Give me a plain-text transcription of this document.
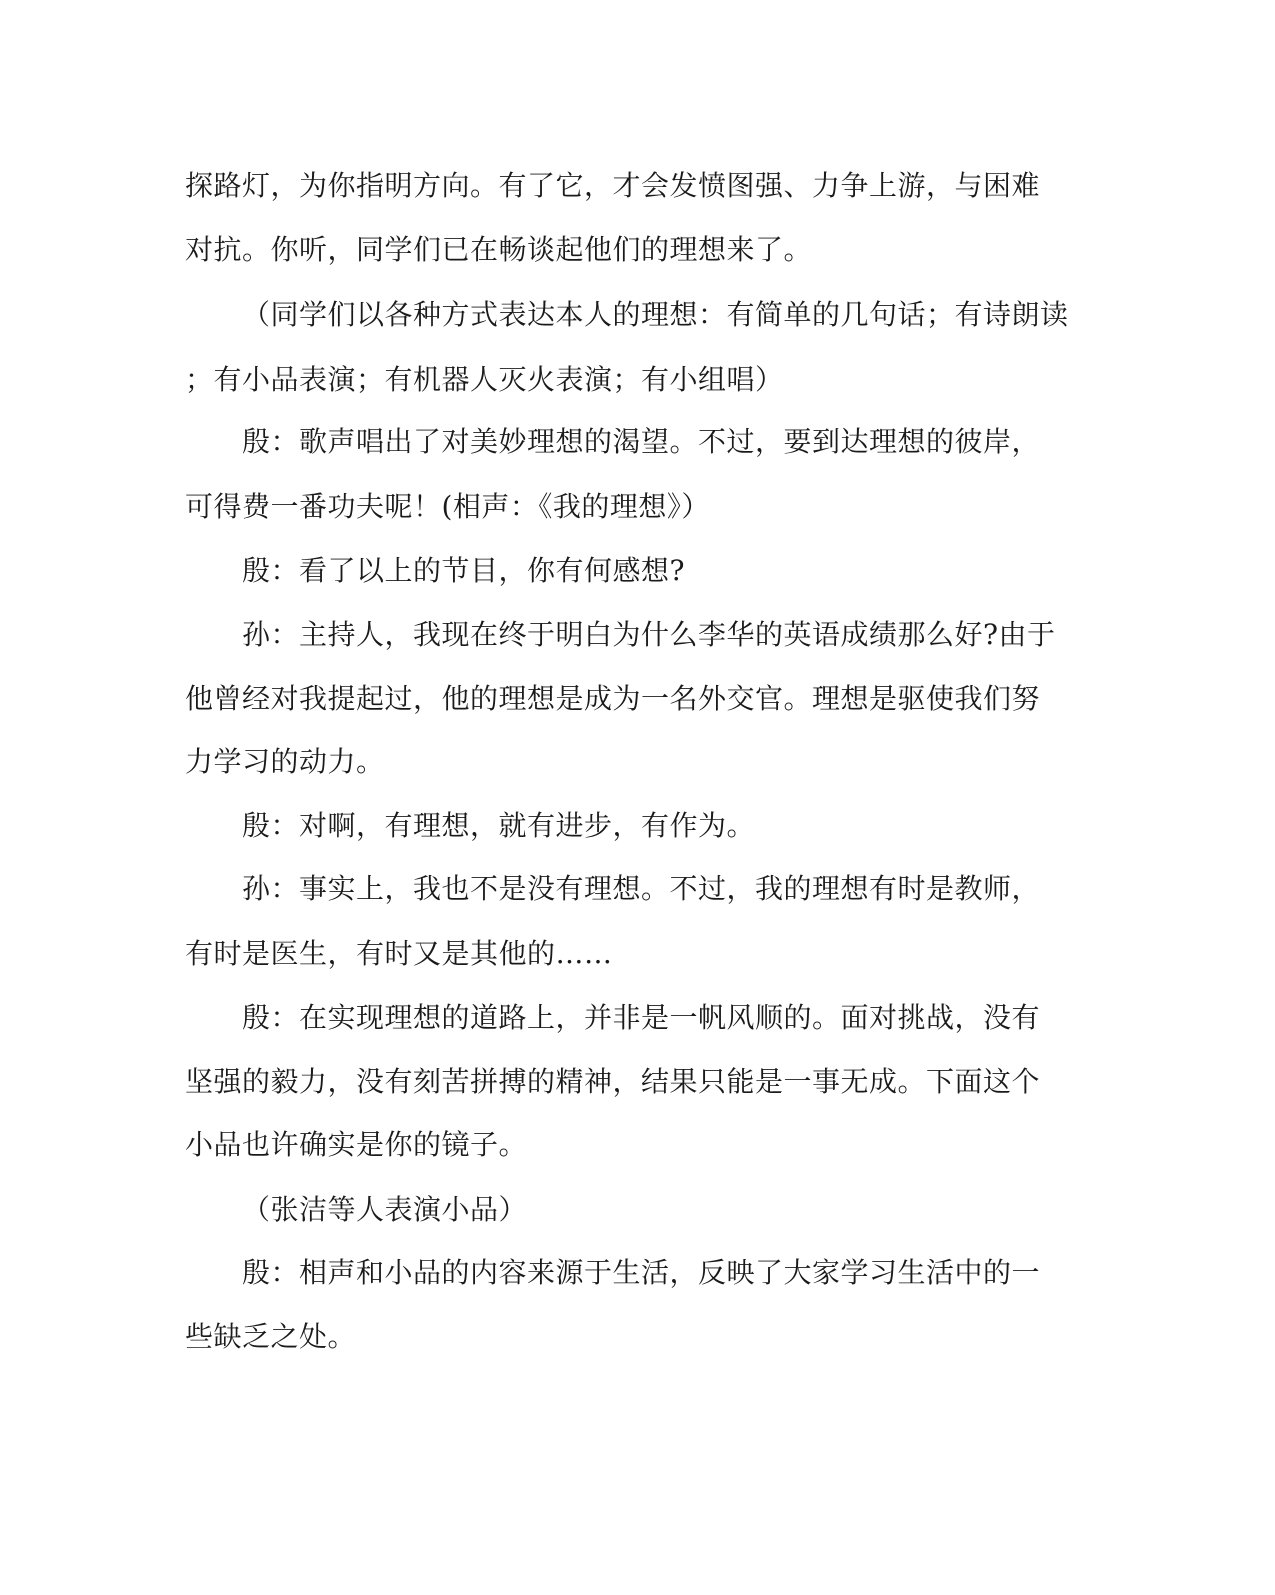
探路灯，为你指明方向。有了它，才会发愤图强、力争上游，与困难
对抗。你听，同学们已在畅谈起他们的理想来了。
（同学们以各种方式表达本人的理想：有简单的几句话；有诗朗读
；有小品表演；有机器人灭火表演；有小组唱）
殷：歌声唱出了对美妙理想的渴望。不过，要到达理想的彼岸，
可得费一番功夫呢！(相声：《我的理想》）
殷：看了以上的节目，你有何感想?
孙：主持人，我现在终于明白为什么李华的英语成绩那么好?由于
他曾经对我提起过，他的理想是成为一名外交官。理想是驱使我们努
力学习的动力。
殷：对啊，有理想，就有进步，有作为。
孙：事实上，我也不是没有理想。不过，我的理想有时是教师，
有时是医生，有时又是其他的……
殷：在实现理想的道路上，并非是一帆风顺的。面对挑战，没有
坚强的毅力，没有刻苦拼搏的精神，结果只能是一事无成。下面这个
小品也许确实是你的镜子。
（张洁等人表演小品）
殷：相声和小品的内容来源于生活，反映了大家学习生活中的一
些缺乏之处。
